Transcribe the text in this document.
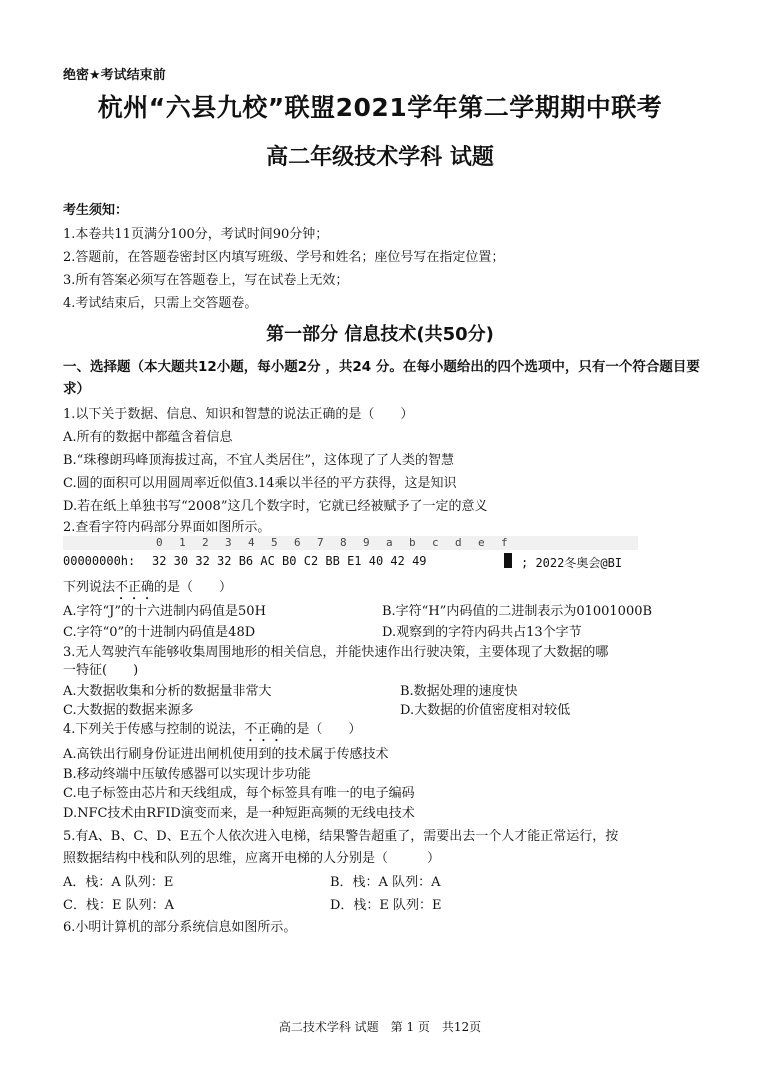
绝密★考试结束前
杭州“六县九校”联盟2021学年第二学期期中联考
高二年级技术学科 试题
考生须知：
1.本卷共11页满分100分，考试时间90分钟；
2.答题前，在答题卷密封区内填写班级、学号和姓名；座位号写在指定位置；
3.所有答案必须写在答题卷上，写在试卷上无效；
4.考试结束后，只需上交答题卷。
第一部分 信息技术(共50分)
一、选择题（本大题共12小题，每小题2分 ，共24 分。在每小题给出的四个选项中，只有一个符合题目要求）
1.以下关于数据、信息、知识和智慧的说法正确的是（　　）
A.所有的数据中都蕴含着信息
B.“珠穆朗玛峰顶海拔过高，不宜人类居住”，这体现了了人类的智慧
C.圆的面积可以用圆周率近似值3.14乘以半径的平方获得，这是知识
D.若在纸上单独书写“2008”这几个数字时，它就已经被赋予了一定的意义
2.查看字符内码部分界面如图所示。
0 1 2 3 4 5 6 7 8 9 a b c d e f
00000000h: 32 30 32 32 B6 AC B0 C2 BB E1 40 42 49	; 2022冬奥会@BI
下列说法不正确的是（　　）
A.字符“J”的十六进制内码值是50H	B.字符“H”内码值的二进制表示为01001000B
C.字符“0”的十进制内码值是48D	D.观察到的字符内码共占13个字节
3.无人驾驶汽车能够收集周围地形的相关信息，并能快速作出行驶决策，主要体现了大数据的哪
一特征(　　)
A.大数据收集和分析的数据量非常大	B.数据处理的速度快
C.大数据的数据来源多	D.大数据的价值密度相对较低
4.下列关于传感与控制的说法，不正确的是（　　）
A.高铁出行刷身份证进出闸机使用到的技术属于传感技术
B.移动终端中压敏传感器可以实现计步功能
C.电子标签由芯片和天线组成，每个标签具有唯一的电子编码
D.NFC技术由RFID演变而来，是一种短距高频的无线电技术
5.有A、B、C、D、E五个人依次进入电梯，结果警告超重了，需要出去一个人才能正常运行，按
照数据结构中栈和队列的思维，应离开电梯的人分别是（　　　）
A．栈：A 队列：E	B．栈：A 队列：A
C．栈：E 队列：A	D．栈：E 队列：E
6.小明计算机的部分系统信息如图所示。
高二技术学科 试题　第 1 页　共12页
